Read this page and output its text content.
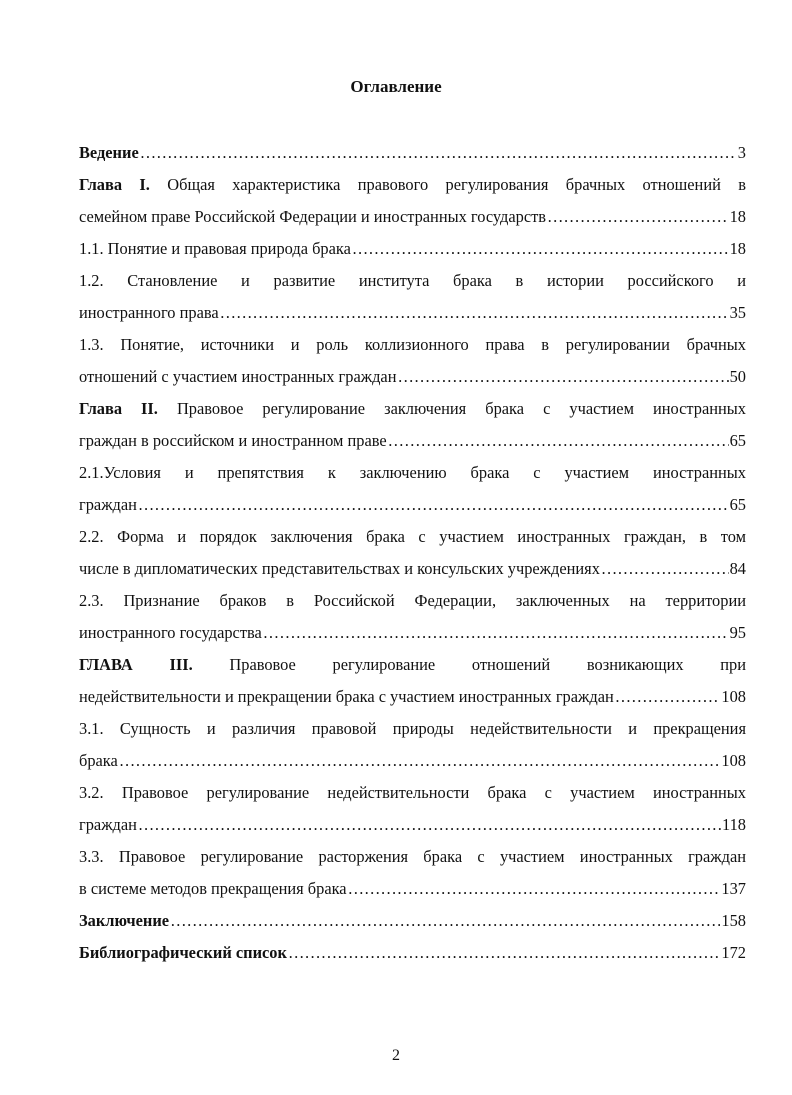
Оглавление
Ведение ……………………………………………………………………………………………………………………………………………………………………………………	3
Глава I. Общая характеристика правового регулирования брачных отношений в
семейном праве Российской Федерации и иностранных государств ……………………………………………………………………………………………………………………………………………………………………………………	18
1.1. Понятие и правовая природа брака ……………………………………………………………………………………………………………………………………………………………………………………	18
1.2. Становление и развитие института брака в истории российского и
иностранного права ……………………………………………………………………………………………………………………………………………………………………………………	35
1.3. Понятие, источники и роль коллизионного права в регулировании брачных
отношений с участием иностранных граждан ……………………………………………………………………………………………………………………………………………………………………………………	50
Глава II. Правовое регулирование заключения брака с участием иностранных
граждан в российском и иностранном праве ……………………………………………………………………………………………………………………………………………………………………………………	65
2.1.Условия и препятствия к заключению брака с участием иностранных
граждан ……………………………………………………………………………………………………………………………………………………………………………………	65
2.2. Форма и порядок заключения брака с участием иностранных граждан, в том
числе в дипломатических представительствах и консульских учреждениях ……………………………………………………………………………………………………………………………………………………………………………………	84
2.3. Признание браков в Российской Федерации, заключенных на территории
иностранного государства ……………………………………………………………………………………………………………………………………………………………………………………	95
ГЛАВА III. Правовое регулирование отношений возникающих при
недействительности и прекращении брака с участием иностранных граждан ……………………………………………………………………………………………………………………………………………………………………………………	108
3.1. Сущность и различия правовой природы недействительности и прекращения
брака ……………………………………………………………………………………………………………………………………………………………………………………	108
3.2. Правовое регулирование недействительности брака с участием иностранных
граждан ……………………………………………………………………………………………………………………………………………………………………………………	118
3.3. Правовое регулирование расторжения брака с участием иностранных граждан
в системе методов прекращения брака ……………………………………………………………………………………………………………………………………………………………………………………	137
Заключение ……………………………………………………………………………………………………………………………………………………………………………………	158
Библиографический список ……………………………………………………………………………………………………………………………………………………………………………………	172
2
